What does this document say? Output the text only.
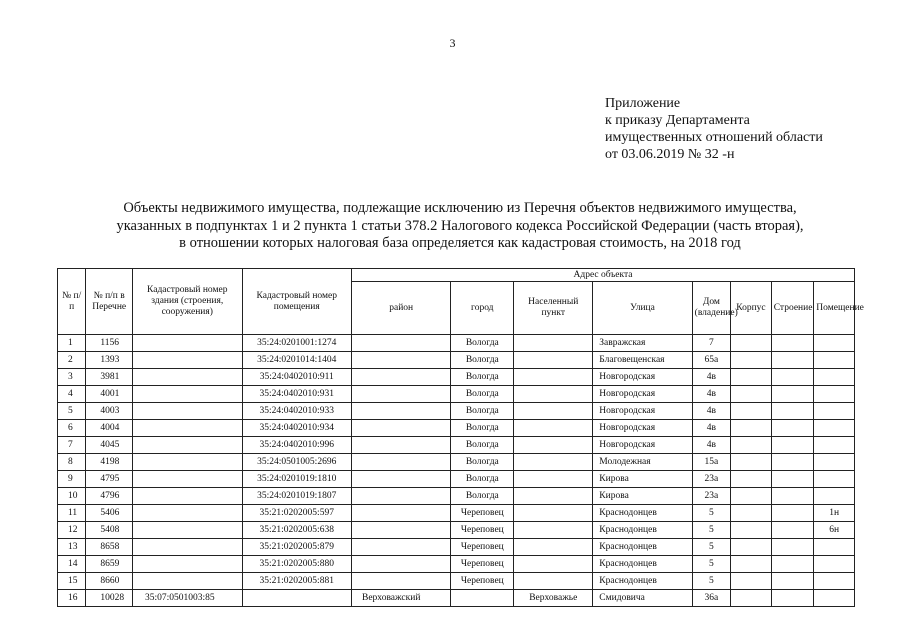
3
Приложение
к приказу Департамента
имущественных отношений области
от 03.06.2019 № 32 -н
Объекты недвижимого имущества, подлежащие исключению из Перечня объектов недвижимого имущества,
указанных в подпунктах 1 и 2 пункта 1 статьи 378.2 Налогового кодекса Российской Федерации (часть вторая),
в отношении которых налоговая база определяется как кадастровая стоимость, на 2018 год
№ п/п	№ п/п в Перечне	Кадастровый номер здания (строения, сооружения)	Кадастровый номер помещения	Адрес объекта							
				район	город	Населенный пункт	Улица	Дом (владение)	Корпус	Строение	Помещение
1	1156		35:24:0201001:1274		Вологда		Завражская	7			
2	1393		35:24:0201014:1404		Вологда		Благовещенская	65а			
3	3981		35:24:0402010:911		Вологда		Новгородская	4в			
4	4001		35:24:0402010:931		Вологда		Новгородская	4в			
5	4003		35:24:0402010:933		Вологда		Новгородская	4в			
6	4004		35:24:0402010:934		Вологда		Новгородская	4в			
7	4045		35:24:0402010:996		Вологда		Новгородская	4в			
8	4198		35:24:0501005:2696		Вологда		Молодежная	15а			
9	4795		35:24:0201019:1810		Вологда		Кирова	23а			
10	4796		35:24:0201019:1807		Вологда		Кирова	23а			
11	5406		35:21:0202005:597		Череповец		Краснодонцев	5			1н
12	5408		35:21:0202005:638		Череповец		Краснодонцев	5			6н
13	8658		35:21:0202005:879		Череповец		Краснодонцев	5			
14	8659		35:21:0202005:880		Череповец		Краснодонцев	5			
15	8660		35:21:0202005:881		Череповец		Краснодонцев	5			
16	10028	35:07:0501003:85		Верховажский		Верховажье	Смидовича	36а			
